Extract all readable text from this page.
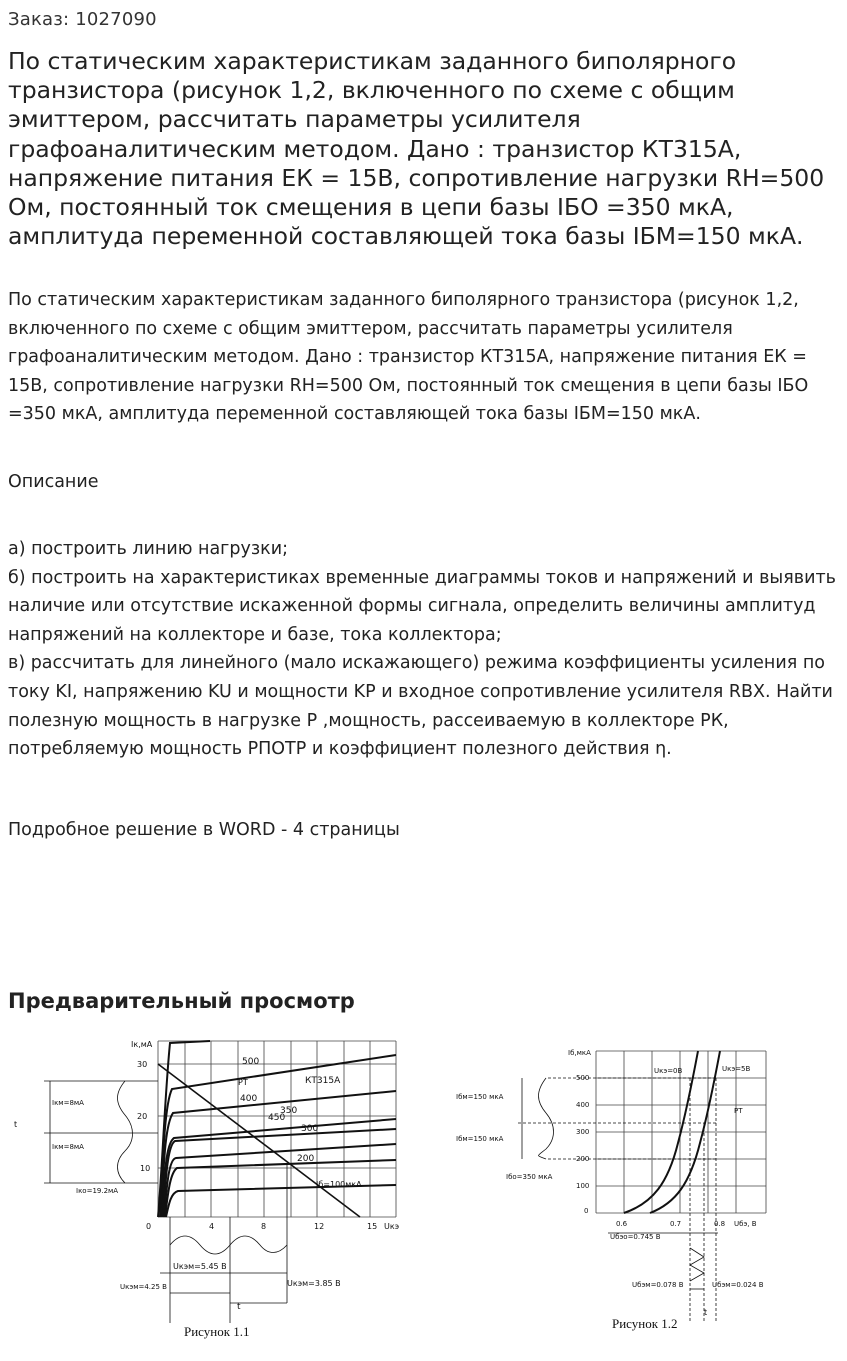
Заказ: 1027090
По статическим характеристикам заданного биполярного транзистора (рисунок 1,2, включенного по схеме с общим эмиттером, рассчитать параметры усилителя графоаналитическим методом. Дано : транзистор КТ315А, напряжение питания ЕК = 15В, сопротивление нагрузки RН=500 Ом, постоянный ток смещения в цепи базы IБО =350 мкА, амплитуда переменной составляющей тока базы IБМ=150 мкА.

По статическим характеристикам заданного биполярного транзистора (рисунок 1,2, включенного по схеме с общим эмиттером, рассчитать параметры усилителя графоаналитическим методом. Дано : транзистор КТ315А, напряжение питания ЕК = 15В, сопротивление нагрузки RН=500 Ом, постоянный ток смещения в цепи базы IБО =350 мкА, амплитуда переменной составляющей тока базы IБМ=150 мкА.

Описание
а) построить линию нагрузки;
б) построить на характеристиках временные диаграммы токов и напряжений и выявить наличие или отсутствие искаженной формы сигнала, определить величины амплитуд напряжений на коллекторе и базе, тока коллектора;
в) рассчитать для линейного (мало искажающего) режима коэффициенты усиления по току KI, напряжению KU и мощности KP и входное сопротивление усилителя RВХ. Найти полезную мощность в нагрузке P ,мощность, рассеиваемую в коллекторе PК, потребляемую мощность PПОТР и коэффициент полезного действия η.
Подробное решение в WORD - 4 страницы
Предварительный просмотр
Iк,мА
30
20
10
0	4	8	12	15 Uкэ
500
450
400
350
300
200
Iб=100мкА
КТ315А
РТ
Iкм=8мА
Iкм=8мА
Iко=19.2мА
Uкэм=5.45 В
Uкэм=4.25 В	Uкэм=3.85 В
t
t
Рисунок 1.1
Iб,мкА
500
400
300
200
100
0
0.6	0.7	0.8 Uбэ, В
Uкэ=0В	Uкэ=5В
РТ
Iбм=150 мкА
Iбм=150 мкА
Iбо=350 мкА
Uбэо=0.745 В
Uбэм=0.078 В	Uбэм=0.024 В
t
Рисунок 1.2
